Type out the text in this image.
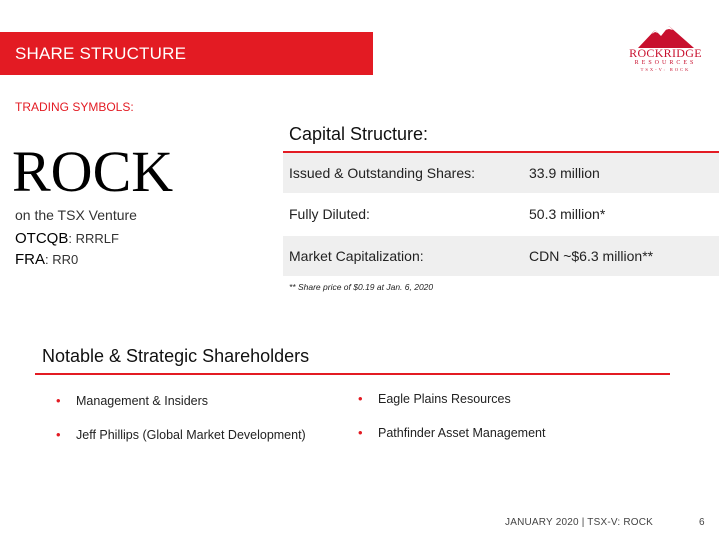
SHARE STRUCTURE	ROCKRIDGE
RESOURCES
TSX-V: ROCK
TRADING SYMBOLS:
ROCK
on the TSX Venture
OTCQB: RRRLF
FRA: RR0
Capital Structure:
Issued & Outstanding Shares:	33.9 million
Fully Diluted:	50.3 million*
Market Capitalization:	CDN ~$6.3 million**
** Share price of $0.19 at Jan. 6, 2020
Notable & Strategic Shareholders
• Management & Insiders
• Jeff Phillips (Global Market Development)
• Eagle Plains Resources
• Pathfinder Asset Management
JANUARY 2020 | TSX-V: ROCK	6
